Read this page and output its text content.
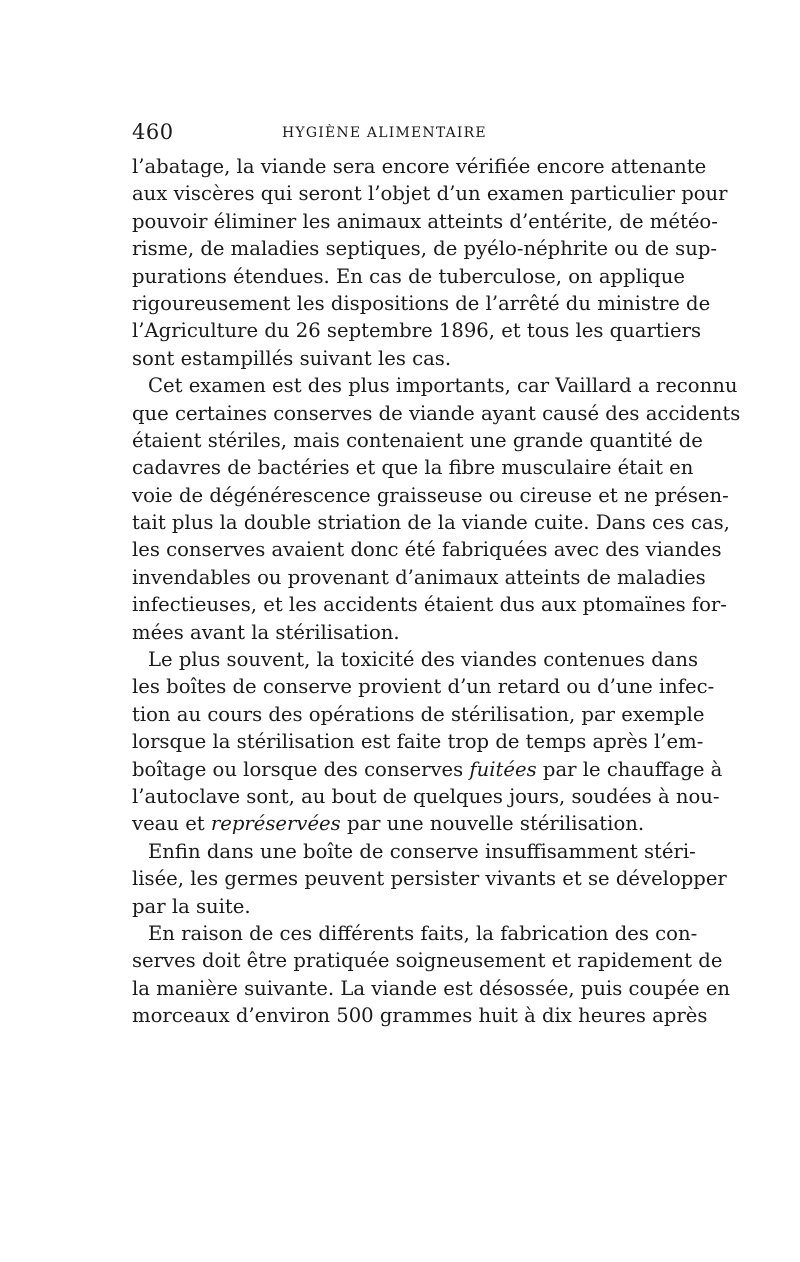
460	HYGIÈNE ALIMENTAIRE
l’abatage, la viande sera encore vérifiée encore attenante
aux viscères qui seront l’objet d’un examen particulier pour
pouvoir éliminer les animaux atteints d’entérite, de météo-
risme, de maladies septiques, de pyélo-néphrite ou de sup-
purations étendues. En cas de tuberculose, on applique
rigoureusement les dispositions de l’arrêté du ministre de
l’Agriculture du 26 septembre 1896, et tous les quartiers
sont estampillés suivant les cas.
Cet examen est des plus importants, car Vaillard a reconnu
que certaines conserves de viande ayant causé des accidents
étaient stériles, mais contenaient une grande quantité de
cadavres de bactéries et que la fibre musculaire était en
voie de dégénérescence graisseuse ou cireuse et ne présen-
tait plus la double striation de la viande cuite. Dans ces cas,
les conserves avaient donc été fabriquées avec des viandes
invendables ou provenant d’animaux atteints de maladies
infectieuses, et les accidents étaient dus aux ptomaïnes for-
mées avant la stérilisation.
Le plus souvent, la toxicité des viandes contenues dans
les boîtes de conserve provient d’un retard ou d’une infec-
tion au cours des opérations de stérilisation, par exemple
lorsque la stérilisation est faite trop de temps après l’em-
boîtage ou lorsque des conserves fuitées par le chauffage à
l’autoclave sont, au bout de quelques jours, soudées à nou-
veau et représervées par une nouvelle stérilisation.
Enfin dans une boîte de conserve insuffisamment stéri-
lisée, les germes peuvent persister vivants et se développer
par la suite.
En raison de ces différents faits, la fabrication des con-
serves doit être pratiquée soigneusement et rapidement de
la manière suivante. La viande est désossée, puis coupée en
morceaux d’environ 500 grammes huit à dix heures après
